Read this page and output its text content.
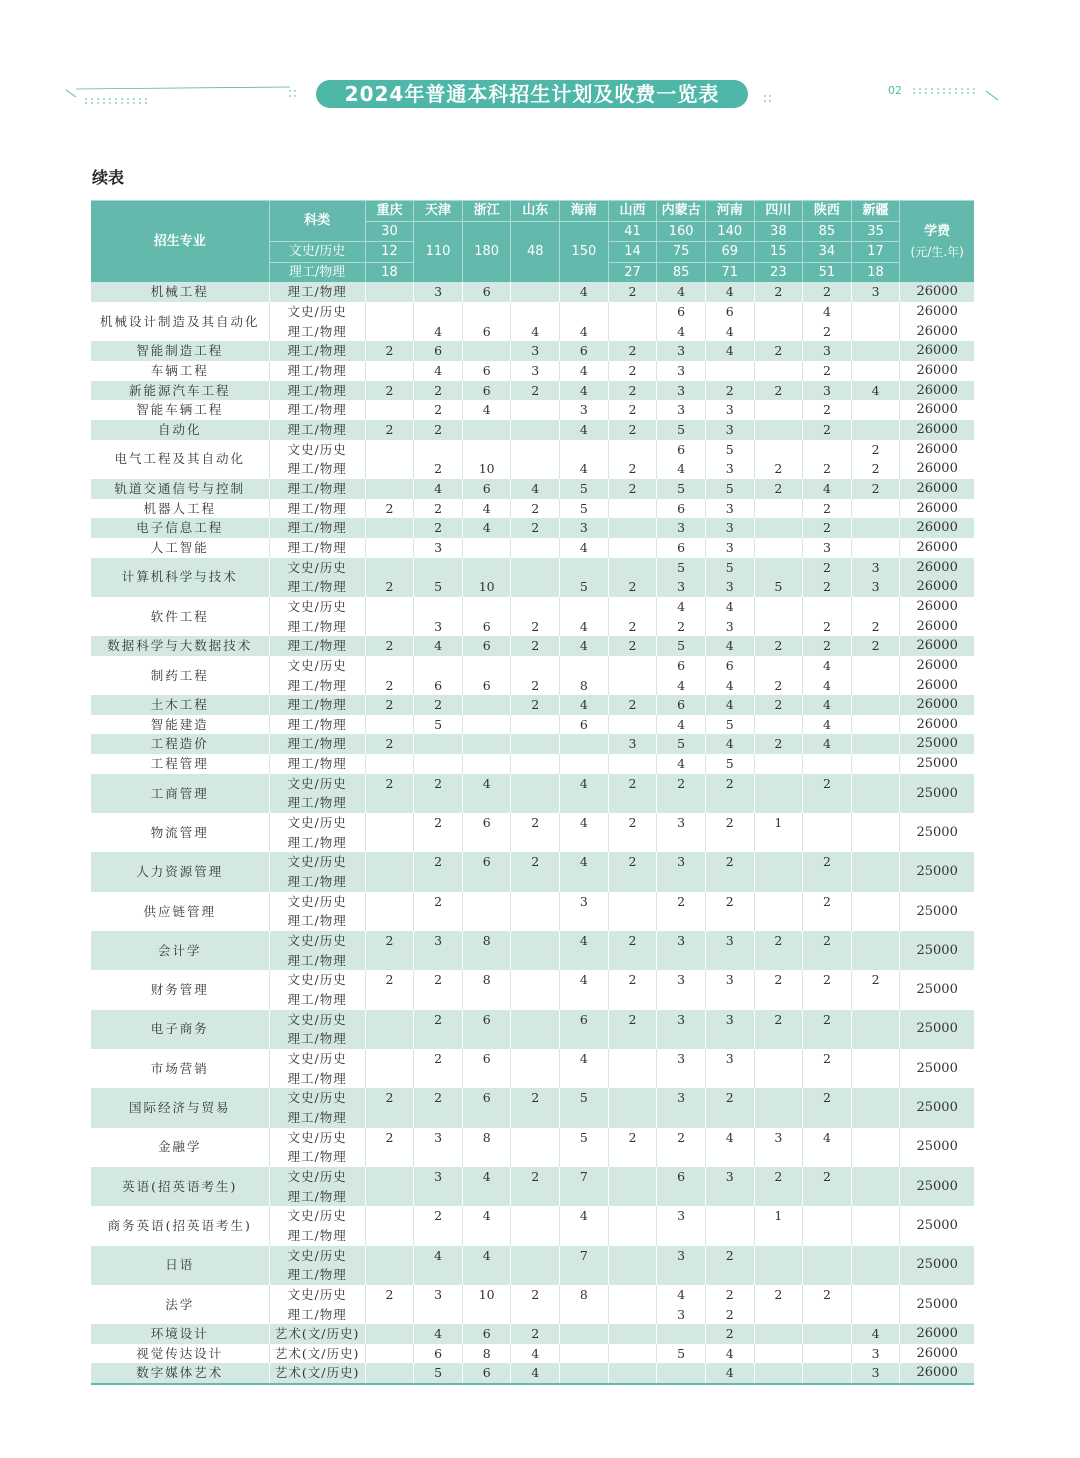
2024年普通本科招生计划及收费一览表	02
续表
招生专业	科类	重庆	天津	浙江	山东	海南	山西	内蒙古	河南	四川	陕西	新疆	学费
(元/生.年)

		30	110	180	48	150	41	160	140	38	85	35	
	文史/历史	12					14	75	69	15	34	17	
	理工/物理	18					27	85	71	23	51	18	
机械工程	理工/物理		3	6		4	2	4	4	2	2	3	26000
机械设计制造及其自动化	文史/历史							6	6		4		26000
	理工/物理		4	6	4	4		4	4		2		26000
智能制造工程	理工/物理	2	6		3	6	2	3	4	2	3		26000
车辆工程	理工/物理		4	6	3	4	2	3			2		26000
新能源汽车工程	理工/物理	2	2	6	2	4	2	3	2	2	3	4	26000
智能车辆工程	理工/物理		2	4		3	2	3	3		2		26000
自动化	理工/物理	2	2			4	2	5	3		2		26000
电气工程及其自动化	文史/历史							6	5			2	26000
	理工/物理		2	10		4	2	4	3	2	2	2	26000
轨道交通信号与控制	理工/物理		4	6	4	5	2	5	5	2	4	2	26000
机器人工程	理工/物理	2	2	4	2	5		6	3		2		26000
电子信息工程	理工/物理		2	4	2	3		3	3		2		26000
人工智能	理工/物理		3			4		6	3		3		26000
计算机科学与技术	文史/历史							5	5		2	3	26000
	理工/物理	2	5	10		5	2	3	3	5	2	3	26000
软件工程	文史/历史							4	4				26000
	理工/物理		3	6	2	4	2	2	3		2	2	26000
数据科学与大数据技术	理工/物理	2	4	6	2	4	2	5	4	2	2	2	26000
制药工程	文史/历史							6	6		4		26000
	理工/物理	2	6	6	2	8		4	4	2	4		26000
土木工程	理工/物理	2	2		2	4	2	6	4	2	4		26000
智能建造	理工/物理		5			6		4	5		4		26000
工程造价	理工/物理	2					3	5	4	2	4		25000
工程管理	理工/物理							4	5				25000
工商管理	文史/历史	2	2	4		4	2	2	2		2		25000
	理工/物理												
物流管理	文史/历史		2	6	2	4	2	3	2	1			25000
	理工/物理												
人力资源管理	文史/历史		2	6	2	4	2	3	2		2		25000
	理工/物理												
供应链管理	文史/历史		2			3		2	2		2		25000
	理工/物理												
会计学	文史/历史	2	3	8		4	2	3	3	2	2		25000
	理工/物理												
财务管理	文史/历史	2	2	8		4	2	3	3	2	2	2	25000
	理工/物理												
电子商务	文史/历史		2	6		6	2	3	3	2	2		25000
	理工/物理												
市场营销	文史/历史		2	6		4		3	3		2		25000
	理工/物理												
国际经济与贸易	文史/历史	2	2	6	2	5		3	2		2		25000
	理工/物理												
金融学	文史/历史	2	3	8		5	2	2	4	3	4		25000
	理工/物理												
英语(招英语考生)	文史/历史		3	4	2	7		6	3	2	2		25000
	理工/物理												
商务英语(招英语考生)	文史/历史		2	4		4		3		1			25000
	理工/物理												
日语	文史/历史		4	4		7		3	2				25000
	理工/物理												
法学	文史/历史	2	3	10	2	8		4	2	2	2		25000
	理工/物理							3	2				
环境设计	艺术(文/历史)		4	6	2				2			4	26000
视觉传达设计	艺术(文/历史)		6	8	4			5	4			3	26000
数字媒体艺术	艺术(文/历史)		5	6	4				4			3	26000
